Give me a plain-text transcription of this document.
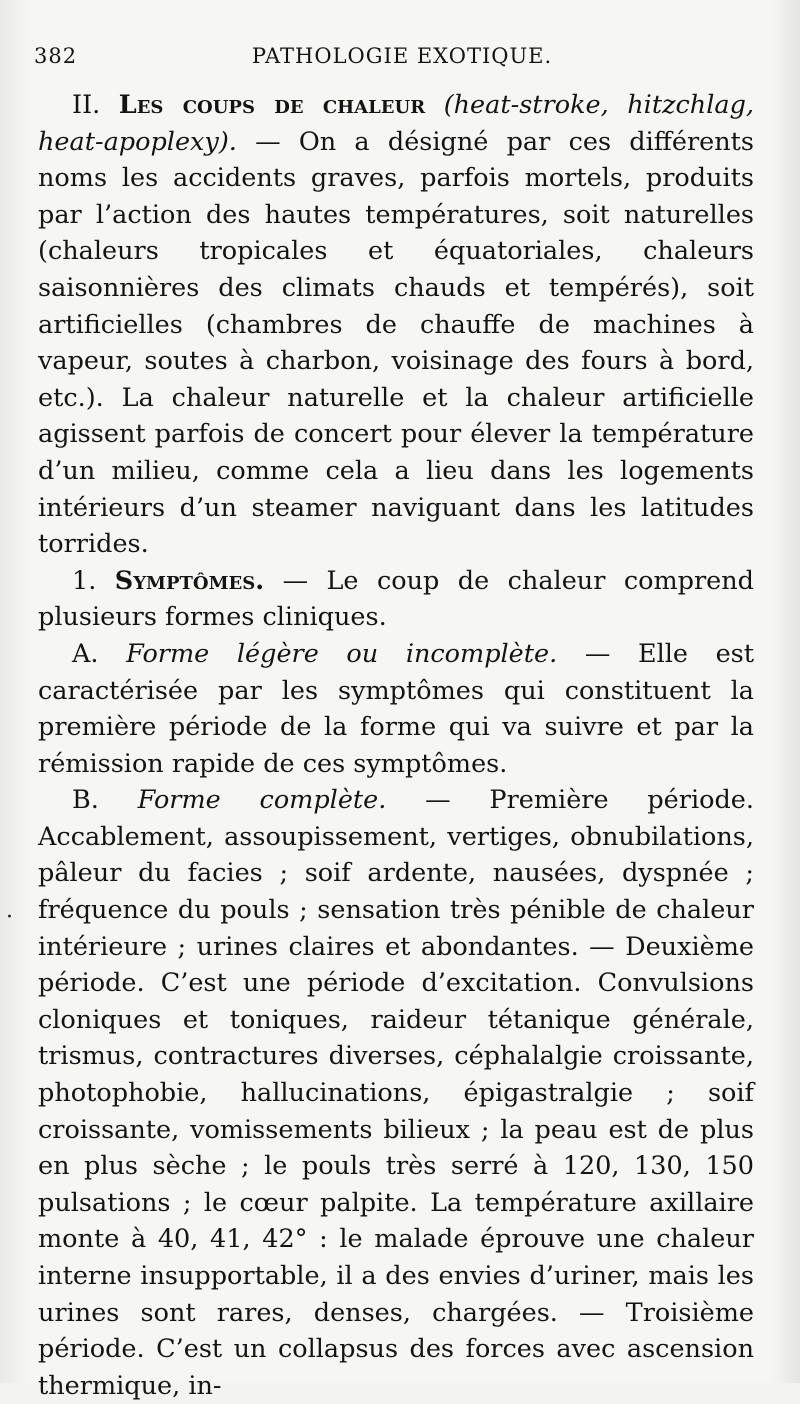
382	PATHOLOGIE EXOTIQUE.

II. Les coups de chaleur (heat-stroke, hitzchlag, heat-apoplexy). — On a désigné par ces différents noms les accidents graves, parfois mortels, produits par l’action des hautes températures, soit naturelles (chaleurs tropicales et équatoriales, chaleurs saisonnières des climats chauds et tempérés), soit artificielles (chambres de chauffe de machines à vapeur, soutes à charbon, voisinage des fours à bord, etc.). La chaleur naturelle et la chaleur artificielle agissent parfois de concert pour élever la température d’un milieu, comme cela a lieu dans les logements intérieurs d’un steamer naviguant dans les latitudes torrides.

1. Symptômes. — Le coup de chaleur comprend plusieurs formes cliniques.

A. Forme légère ou incomplète. — Elle est caractérisée par les symptômes qui constituent la première période de la forme qui va suivre et par la rémission rapide de ces symptômes.

B. Forme complète. — Première période. Accablement, assoupissement, vertiges, obnubilations, pâleur du facies ; soif ardente, nausées, dyspnée ; fréquence du pouls ; sensation très pénible de chaleur intérieure ; urines claires et abondantes. — Deuxième période. C’est une période d’excitation. Convulsions cloniques et toniques, raideur tétanique générale, trismus, contractures diverses, céphalalgie croissante, photophobie, hallucinations, épigastralgie ; soif croissante, vomissements bilieux ; la peau est de plus en plus sèche ; le pouls très serré à 120, 130, 150 pulsations ; le cœur palpite. La température axillaire monte à 40, 41, 42° : le malade éprouve une chaleur interne insupportable, il a des envies d’uriner, mais les urines sont rares, denses, chargées. — Troisième période. C’est un collapsus des forces avec ascension thermique, in-

·
